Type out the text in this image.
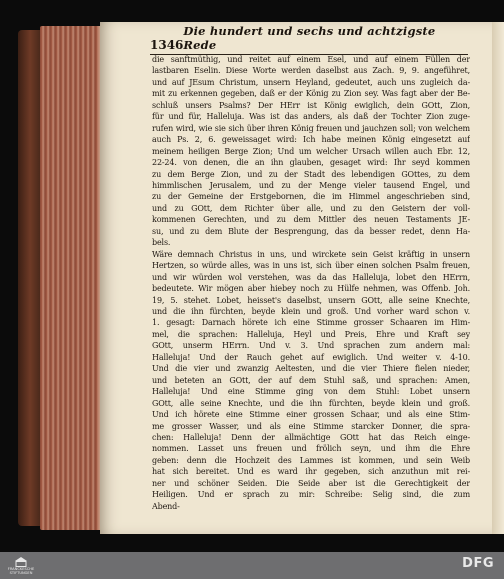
1346
Die hundert und sechs und achtzigste Rede
die sanftmüthig, und reitet auf einem Esel, und auf einem Füllen der
lastbaren Eselin. Diese Worte werden daselbst aus Zach. 9, 9. angeführet,
und auf JEsum Christum, unsern Heyland, gedeutet, auch uns zugleich da-
mit zu erkennen gegeben, daß er der König zu Zion sey. Was fagt aber der Be-
schluß unsers Psalms? Der HErr ist König ewiglich, dein GOtt, Zion,
für und für, Halleluja. Was ist das anders, als daß der Tochter Zion zuge-
rufen wird, wie sie sich über ihren König freuen und jauchzen soll; von welchem
auch Ps. 2, 6. geweissaget wird: Ich habe meinen König eingesetzt auf
meinem heiligen Berge Zion; Und um welcher Ursach willen auch Ebr. 12,
22-24. von denen, die an ihn glauben, gesaget wird: Ihr seyd kommen
zu dem Berge Zion, und zu der Stadt des lebendigen GOttes, zu dem
himmlischen Jerusalem, und zu der Menge vieler tausend Engel, und
zu der Gemeine der Erstgebornen, die im Himmel angeschrieben sind,
und zu GOtt, dem Richter über alle, und zu den Geistern der voll-
kommenen Gerechten, und zu dem Mittler des neuen Testaments JE-
su, und zu dem Blute der Besprengung, das da besser redet, denn Ha-
bels.
Wäre demnach Christus in uns, und wirckete sein Geist kräftig in unsern
Hertzen, so würde alles, was in uns ist, sich über einen solchen Psalm freuen,
und wir würden wol verstehen, was da das Halleluja, lobet den HErrn,
bedeutete. Wir mögen aber hiebey noch zu Hülfe nehmen, was Offenb. Joh.
19, 5. stehet. Lobet, heisset's daselbst, unsern GOtt, alle seine Knechte,
und die ihn fürchten, beyde klein und groß. Und vorher ward schon v.
1. gesagt: Darnach hörete ich eine Stimme grosser Schaaren im Him-
mel, die sprachen: Halleluja, Heyl und Preis, Ehre und Kraft sey
GOtt, unserm HErrn. Und v. 3. Und sprachen zum andern mal:
Halleluja! Und der Rauch gehet auf ewiglich. Und weiter v. 4-10.
Und die vier und zwanzig Aeltesten, und die vier Thiere fielen nieder,
und beteten an GOtt, der auf dem Stuhl saß, und sprachen: Amen,
Halleluja! Und eine Stimme ging von dem Stuhl: Lobet unsern
GOtt, alle seine Knechte, und die ihn fürchten, beyde klein und groß.
Und ich hörete eine Stimme einer grossen Schaar, und als eine Stim-
me grosser Wasser, und als eine Stimme starcker Donner, die spra-
chen: Halleluja! Denn der allmächtige GOtt hat das Reich einge-
nommen. Lasset uns freuen und frölich seyn, und ihm die Ehre
geben: denn die Hochzeit des Lammes ist kommen, und sein Weib
hat sich bereitet. Und es ward ihr gegeben, sich anzuthun mit rei-
ner und schöner Seiden. Die Seide aber ist die Gerechtigkeit der
Heiligen. Und er sprach zu mir: Schreibe: Selig sind, die zum
Abend-
FRANCKESCHE
STIFTUNGEN
DFG
